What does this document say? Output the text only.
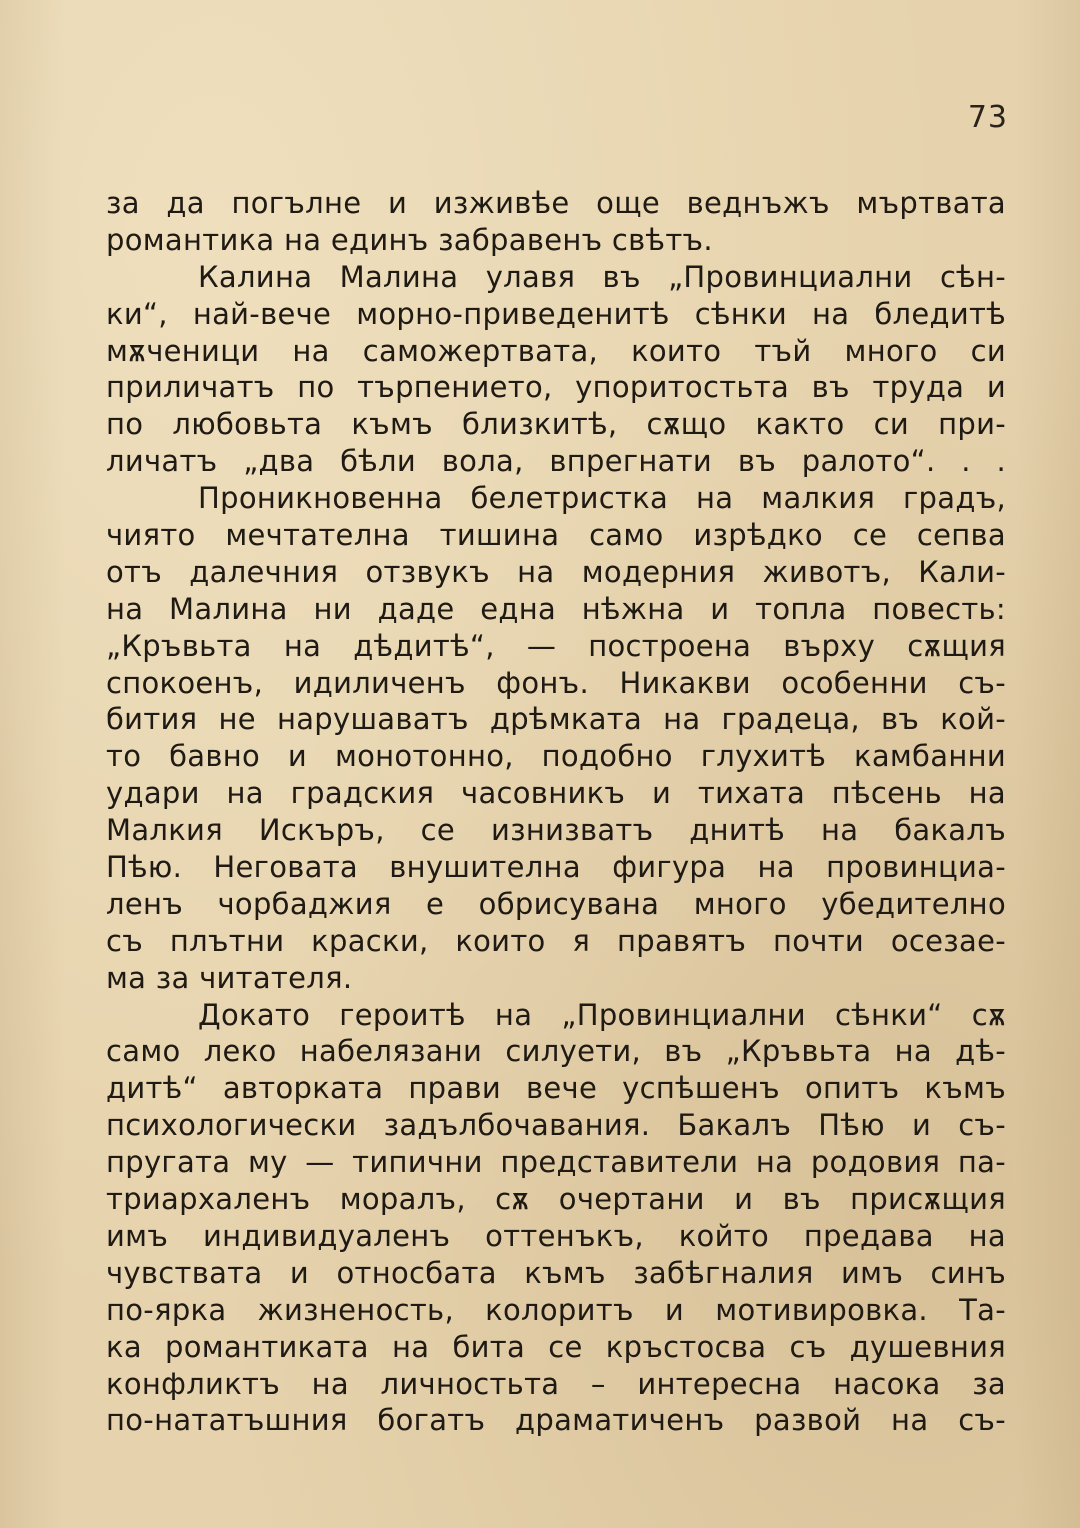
73
за да погълне и изживѣе още веднъжъ мъртвата
романтика на единъ забравенъ свѣтъ.
Калина Малина улавя въ „Провинциални сѣн-
ки“, най-вече морно-приведенитѣ сѣнки на бледитѣ
мѫченици на саможертвата, които тъй много си
приличатъ по търпението, упоритостьта въ труда и
по любовьта къмъ близкитѣ, сѫщо както си при-
личатъ „два бѣли вола, впрегнати въ ралото“. . .
Проникновенна белетристка на малкия градъ,
чиято мечтателна тишина само изрѣдко се сепва
отъ далечния отзвукъ на модерния животъ, Кали-
на Малина ни даде една нѣжна и топла повесть:
„Кръвьта на дѣдитѣ“, — построена върху сѫщия
спокоенъ, идиличенъ фонъ. Никакви особенни съ-
бития не нарушаватъ дрѣмката на градеца, въ кой-
то бавно и монотонно, подобно глухитѣ камбанни
удари на градския часовникъ и тихата пѣсень на
Малкия Искъръ, се изнизватъ днитѣ на бакалъ
Пѣю. Неговата внушителна фигура на провинциа-
ленъ чорбаджия е обрисувана много убедително
съ плътни краски, които я правятъ почти осезае-
ма за читателя.
Докато героитѣ на „Провинциални сѣнки“ сѫ
само леко набелязани силуети, въ „Кръвьта на дѣ-
дитѣ“ авторката прави вече успѣшенъ опитъ къмъ
психологически задълбочавания. Бакалъ Пѣю и съ-
пругата му — типични представители на родовия па-
триархаленъ моралъ, сѫ очертани и въ присѫщия
имъ индивидуаленъ оттенъкъ, който предава на
чувствата и относбата къмъ забѣгналия имъ синъ
по-ярка жизненость, колоритъ и мотивировка. Та-
ка романтиката на бита се кръстосва съ душевния
конфликтъ на личностьта – интересна насока за
по-нататъшния богатъ драматиченъ развой на съ-
